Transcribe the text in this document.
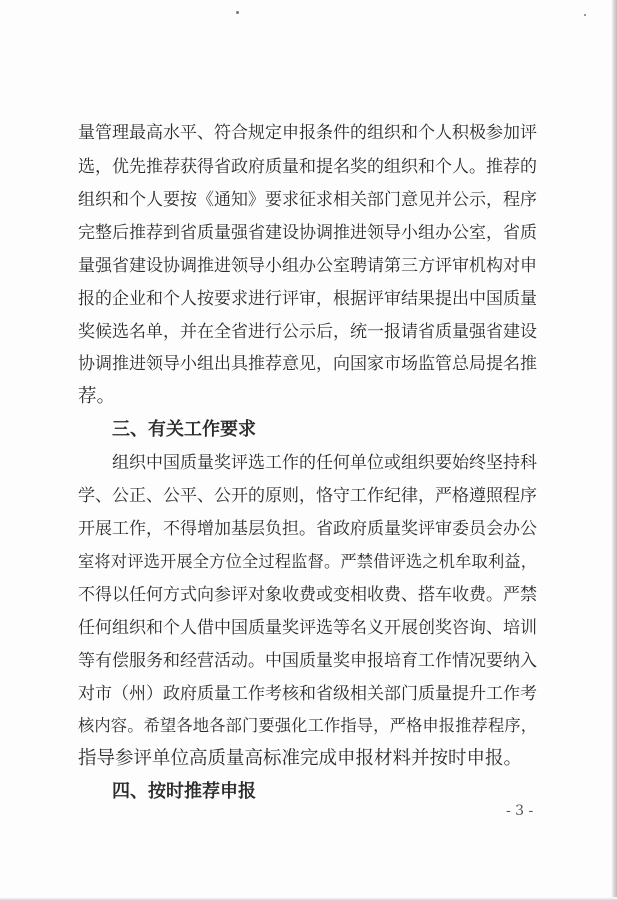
量管理最高水平、符合规定申报条件的组织和个人积极参加评
选，优先推荐获得省政府质量和提名奖的组织和个人。推荐的
组织和个人要按《通知》要求征求相关部门意见并公示，程序
完整后推荐到省质量强省建设协调推进领导小组办公室，省质
量强省建设协调推进领导小组办公室聘请第三方评审机构对申
报的企业和个人按要求进行评审，根据评审结果提出中国质量
奖候选名单，并在全省进行公示后，统一报请省质量强省建设
协调推进领导小组出具推荐意见，向国家市场监管总局提名推
荐。
三、有关工作要求
组织中国质量奖评选工作的任何单位或组织要始终坚持科
学、公正、公平、公开的原则，恪守工作纪律，严格遵照程序
开展工作，不得增加基层负担。省政府质量奖评审委员会办公
室将对评选开展全方位全过程监督。严禁借评选之机牟取利益，
不得以任何方式向参评对象收费或变相收费、搭车收费。严禁
任何组织和个人借中国质量奖评选等名义开展创奖咨询、培训
等有偿服务和经营活动。中国质量奖申报培育工作情况要纳入
对市（州）政府质量工作考核和省级相关部门质量提升工作考
核内容。希望各地各部门要强化工作指导，严格申报推荐程序，
指导参评单位高质量高标准完成申报材料并按时申报。
四、按时推荐申报
- 3 -
